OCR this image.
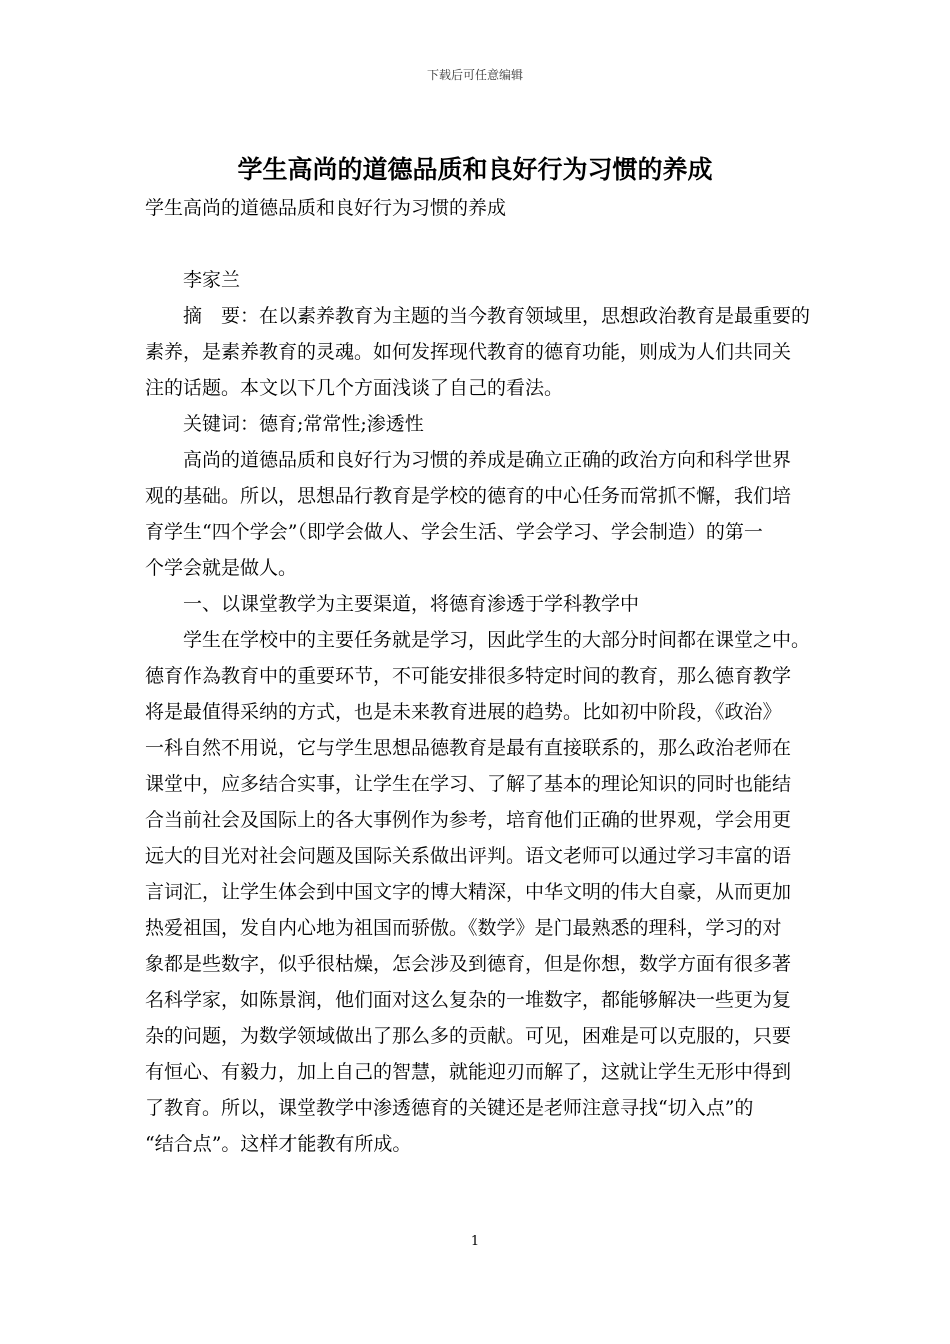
下载后可任意编辑
学生高尚的道德品质和良好行为习惯的养成

学生高尚的道德品质和良好行为习惯的养成

李家兰

摘　要：在以素养教育为主题的当今教育领域里，思想政治教育是最重要的

素养，是素养教育的灵魂。如何发挥现代教育的德育功能，则成为人们共同关

注的话题。本文以下几个方面浅谈了自己的看法。

关键词：德育;常常性;渗透性

高尚的道德品质和良好行为习惯的养成是确立正确的政治方向和科学世界

观的基础。所以，思想品行教育是学校的德育的中心任务而常抓不懈，我们培

育学生“四个学会”（即学会做人、学会生活、学会学习、学会制造）的第一

个学会就是做人。

一、以课堂教学为主要渠道，将德育渗透于学科教学中

学生在学校中的主要任务就是学习，因此学生的大部分时间都在课堂之中。

德育作為教育中的重要环节，不可能安排很多特定时间的教育，那么德育教学

将是最值得采纳的方式，也是未来教育进展的趋势。比如初中阶段，《政治》

一科自然不用说，它与学生思想品德教育是最有直接联系的，那么政治老师在

课堂中，应多结合实事，让学生在学习、了解了基本的理论知识的同时也能结

合当前社会及国际上的各大事例作为参考，培育他们正确的世界观，学会用更

远大的目光对社会问题及国际关系做出评判。语文老师可以通过学习丰富的语

言词汇，让学生体会到中国文字的博大精深，中华文明的伟大自豪，从而更加

热爱祖国，发自内心地为祖国而骄傲。《数学》是门最熟悉的理科，学习的对

象都是些数字，似乎很枯燥，怎会涉及到德育，但是你想，数学方面有很多著

名科学家，如陈景润，他们面对这么复杂的一堆数字，都能够解决一些更为复

杂的问题，为数学领域做出了那么多的贡献。可见，困难是可以克服的，只要

有恒心、有毅力，加上自己的智慧，就能迎刃而解了，这就让学生无形中得到

了教育。所以，课堂教学中渗透德育的关键还是老师注意寻找“切入点”的

“结合点”。这样才能教有所成。

1
